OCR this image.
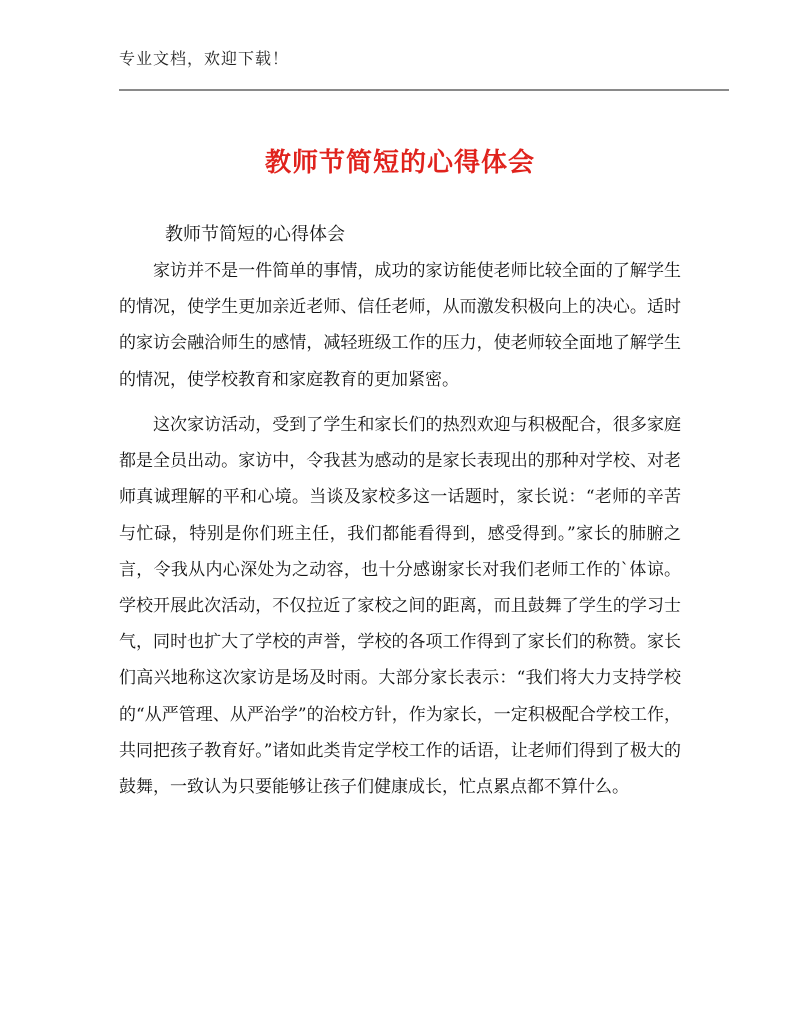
专业文档，欢迎下载！
教师节简短的心得体会
教师节简短的心得体会

家访并不是一件简单的事情，成功的家访能使老师比较全面的了解学生的情况，使学生更加亲近老师、信任老师，从而激发积极向上的决心。适时的家访会融洽师生的感情，减轻班级工作的压力，使老师较全面地了解学生的情况，使学校教育和家庭教育的更加紧密。

这次家访活动，受到了学生和家长们的热烈欢迎与积极配合，很多家庭都是全员出动。家访中，令我甚为感动的是家长表现出的那种对学校、对老师真诚理解的平和心境。当谈及家校多这一话题时，家长说：“老师的辛苦与忙碌，特别是你们班主任，我们都能看得到，感受得到。”家长的肺腑之言，令我从内心深处为之动容，也十分感谢家长对我们老师工作的`体谅。学校开展此次活动，不仅拉近了家校之间的距离，而且鼓舞了学生的学习士气，同时也扩大了学校的声誉，学校的各项工作得到了家长们的称赞。家长们高兴地称这次家访是场及时雨。大部分家长表示：“我们将大力支持学校的“从严管理、从严治学”的治校方针，作为家长，一定积极配合学校工作，共同把孩子教育好。”诸如此类肯定学校工作的话语，让老师们得到了极大的鼓舞，一致认为只要能够让孩子们健康成长，忙点累点都不算什么。
